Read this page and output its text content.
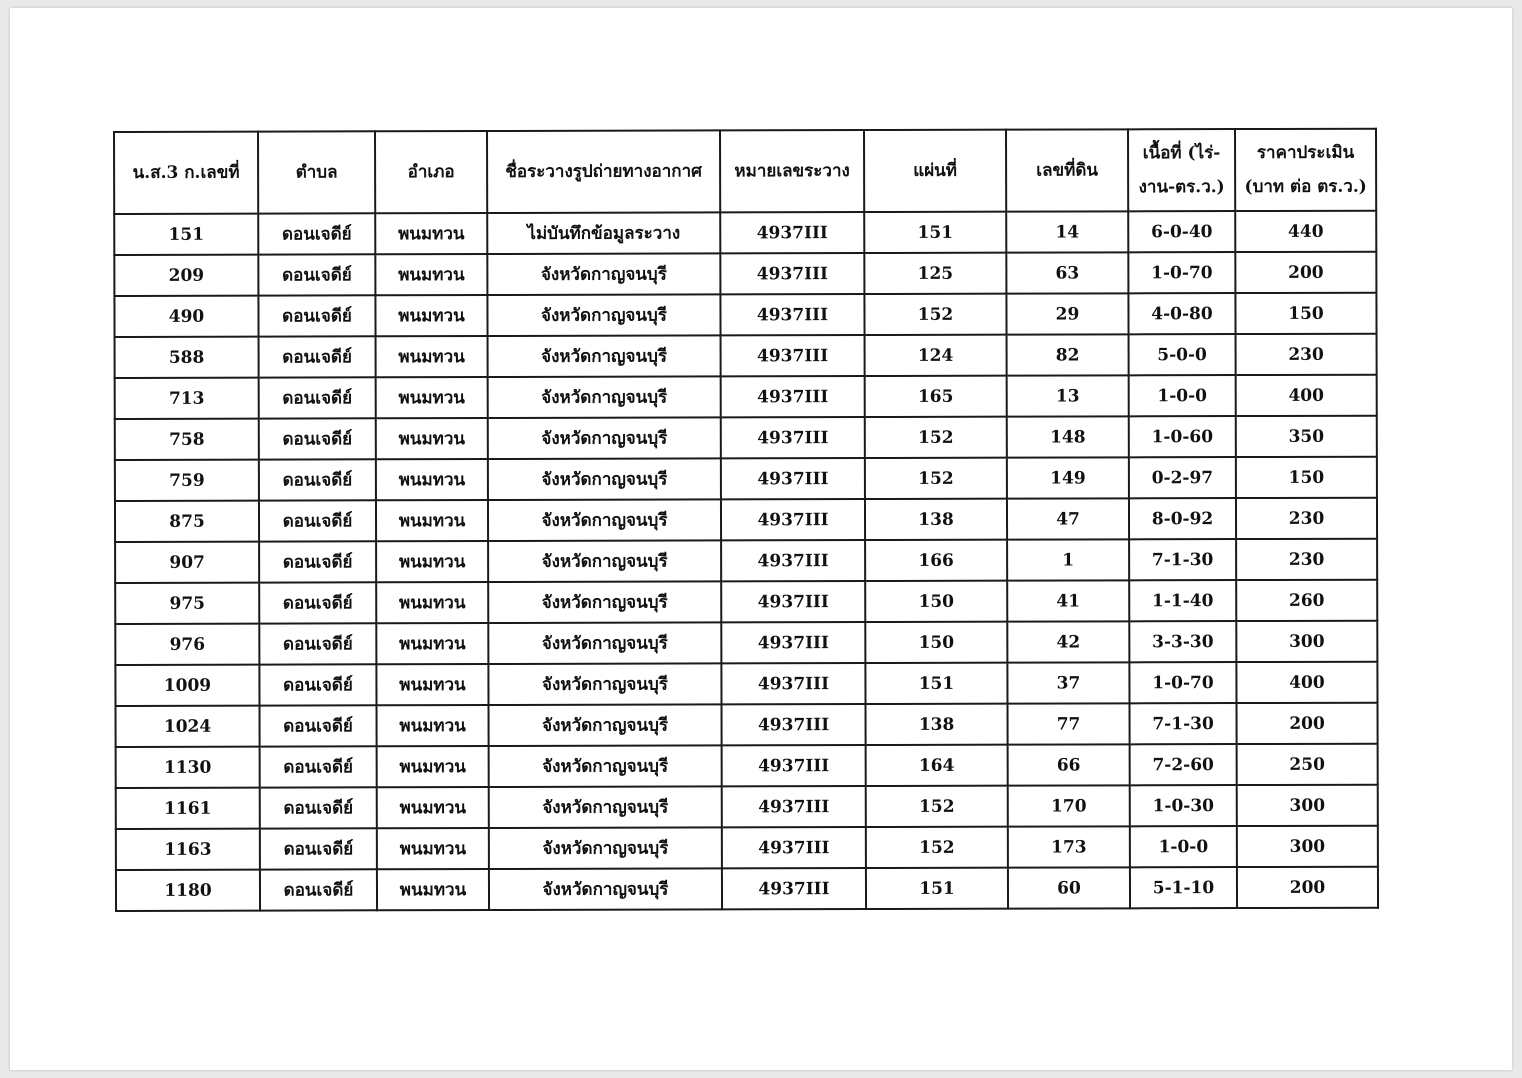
น.ส.3 ก.เลขที่	ตำบล	อำเภอ	ชื่อระวางรูปถ่ายทางอากาศ	หมายเลขระวาง	แผ่นที่	เลขที่ดิน	เนื้อที่ (ไร่-งาน-ตร.ว.)	ราคาประเมิน (บาท ต่อ ตร.ว.)
151	ดอนเจดีย์	พนมทวน	ไม่บันทึกข้อมูลระวาง	4937III	151	14	6-0-40	440
209	ดอนเจดีย์	พนมทวน	จังหวัดกาญจนบุรี	4937III	125	63	1-0-70	200
490	ดอนเจดีย์	พนมทวน	จังหวัดกาญจนบุรี	4937III	152	29	4-0-80	150
588	ดอนเจดีย์	พนมทวน	จังหวัดกาญจนบุรี	4937III	124	82	5-0-0	230
713	ดอนเจดีย์	พนมทวน	จังหวัดกาญจนบุรี	4937III	165	13	1-0-0	400
758	ดอนเจดีย์	พนมทวน	จังหวัดกาญจนบุรี	4937III	152	148	1-0-60	350
759	ดอนเจดีย์	พนมทวน	จังหวัดกาญจนบุรี	4937III	152	149	0-2-97	150
875	ดอนเจดีย์	พนมทวน	จังหวัดกาญจนบุรี	4937III	138	47	8-0-92	230
907	ดอนเจดีย์	พนมทวน	จังหวัดกาญจนบุรี	4937III	166	1	7-1-30	230
975	ดอนเจดีย์	พนมทวน	จังหวัดกาญจนบุรี	4937III	150	41	1-1-40	260
976	ดอนเจดีย์	พนมทวน	จังหวัดกาญจนบุรี	4937III	150	42	3-3-30	300
1009	ดอนเจดีย์	พนมทวน	จังหวัดกาญจนบุรี	4937III	151	37	1-0-70	400
1024	ดอนเจดีย์	พนมทวน	จังหวัดกาญจนบุรี	4937III	138	77	7-1-30	200
1130	ดอนเจดีย์	พนมทวน	จังหวัดกาญจนบุรี	4937III	164	66	7-2-60	250
1161	ดอนเจดีย์	พนมทวน	จังหวัดกาญจนบุรี	4937III	152	170	1-0-30	300
1163	ดอนเจดีย์	พนมทวน	จังหวัดกาญจนบุรี	4937III	152	173	1-0-0	300
1180	ดอนเจดีย์	พนมทวน	จังหวัดกาญจนบุรี	4937III	151	60	5-1-10	200
